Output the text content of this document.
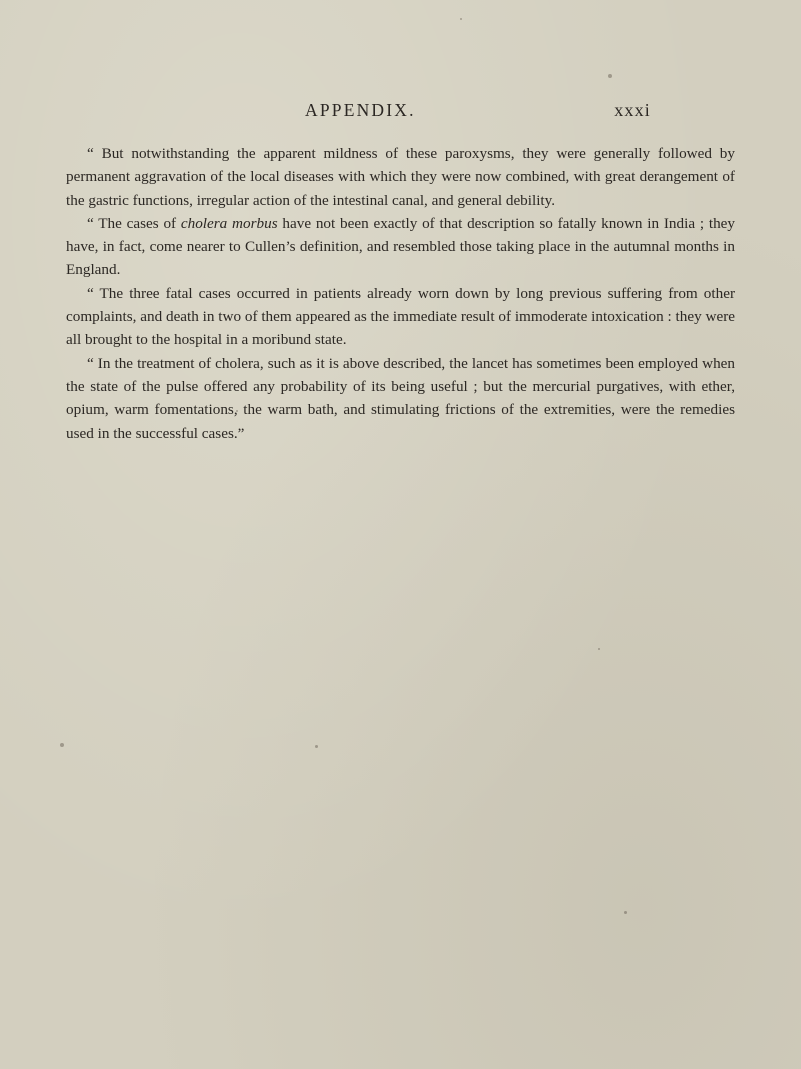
APPENDIX.	xxxi

“ But notwithstanding the apparent mildness of these paroxysms, they were generally followed by permanent aggravation of the local diseases with which they were now combined, with great derangement of the gastric functions, irregular action of the intestinal canal, and general debility.

“ The cases of cholera morbus have not been exactly of that description so fatally known in India ; they have, in fact, come nearer to Cullen’s definition, and resembled those taking place in the autumnal months in England.

“ The three fatal cases occurred in patients already worn down by long previous suffering from other complaints, and death in two of them appeared as the immediate result of immoderate intoxication : they were all brought to the hospital in a moribund state.

“ In the treatment of cholera, such as it is above described, the lancet has sometimes been employed when the state of the pulse offered any probability of its being useful ; but the mercurial purgatives, with ether, opium, warm fomentations, the warm bath, and stimulating frictions of the extremities, were the remedies used in the successful cases.”
